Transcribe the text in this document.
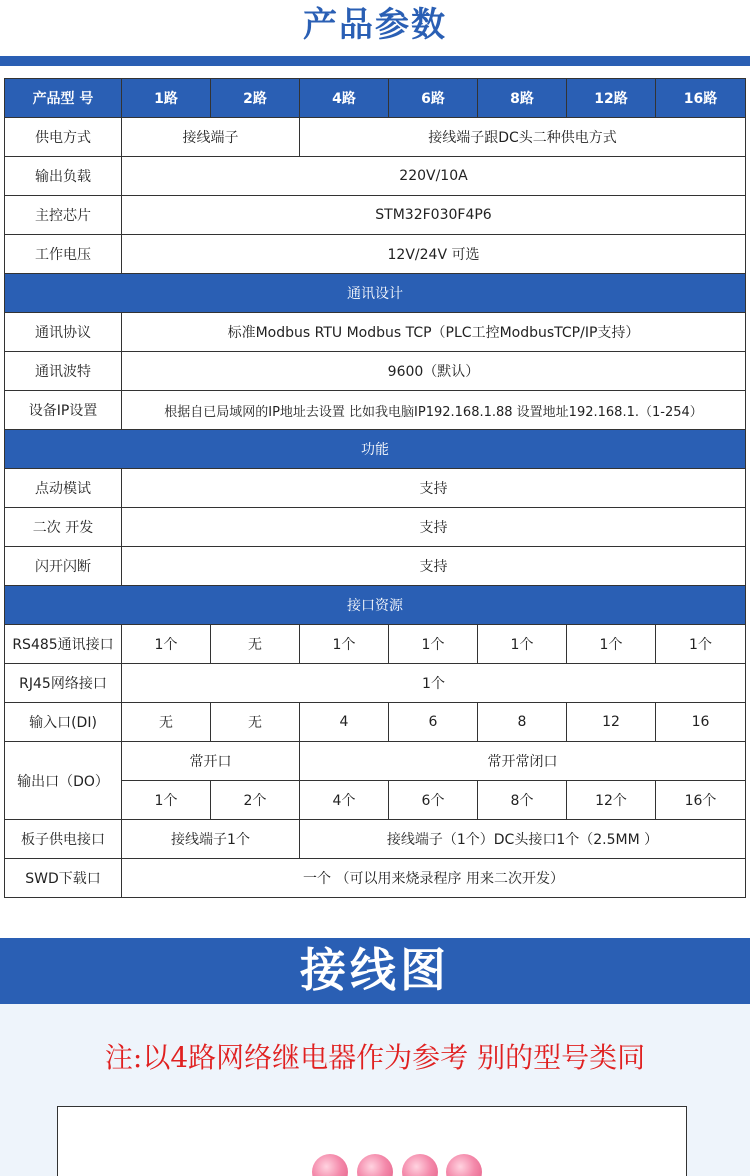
产品参数
产品型 号	1路	2路	4路	6路	8路	12路	16路
供电方式	接线端子		接线端子跟DC头二种供电方式				
输出负载	220V/10A						
主控芯片	STM32F030F4P6						
工作电压	12V/24V 可选						
通讯设计							
通讯协议	标准Modbus RTU Modbus TCP（PLC工控ModbusTCP/IP支持）						
通讯波特	9600（默认）						
设备IP设置	根据自已局域网的IP地址去设置 比如我电脑IP192.168.1.88 设置地址192.168.1.（1-254）						
功能							
点动模试	支持						
二次 开发	支持						
闪开闪断	支持						
接口资源							
RS485通讯接口	1个	无	1个	1个	1个	1个	1个
RJ45网络接口	1个						
输入口(DI)	无	无	4	6	8	12	16
输出口（DO）	常开口		常开常闭口				
	1个	2个	4个	6个	8个	12个	16个
板子供电接口	接线端子1个		接线端子（1个）DC头接口1个（2.5MM ）				
SWD下载口	一个 （可以用来烧录程序 用来二次开发）						
接线图
注:以4路网络继电器作为参考 别的型号类同
